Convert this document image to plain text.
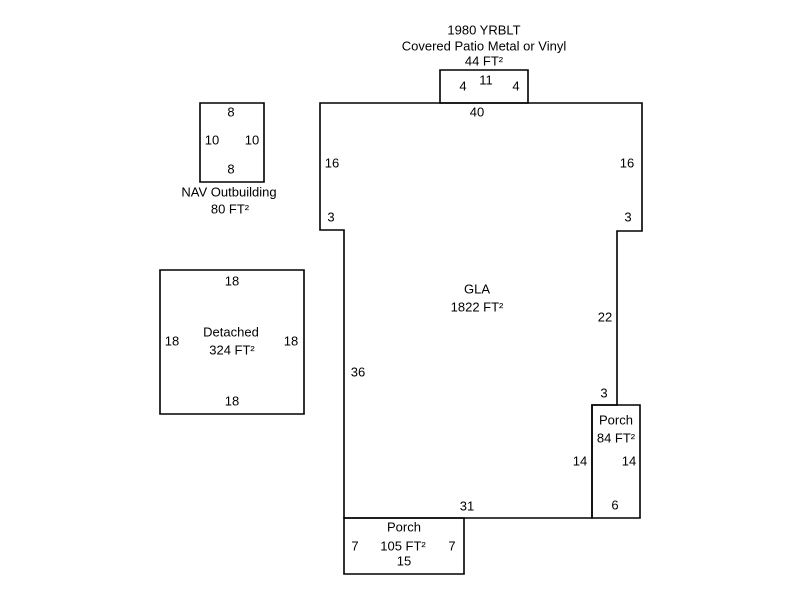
1980 YRBLT
Covered Patio Metal or Vinyl
44 FT²
4 11 4
40
16	16
3	3
GLA
1822 FT²
22
36
3
Porch
84 FT²
14	14
6
31
Porch
7 105 FT² 7
15
8
10 10
8
NAV Outbuilding
80 FT²
18
18
Detached
324 FT²
18
18
